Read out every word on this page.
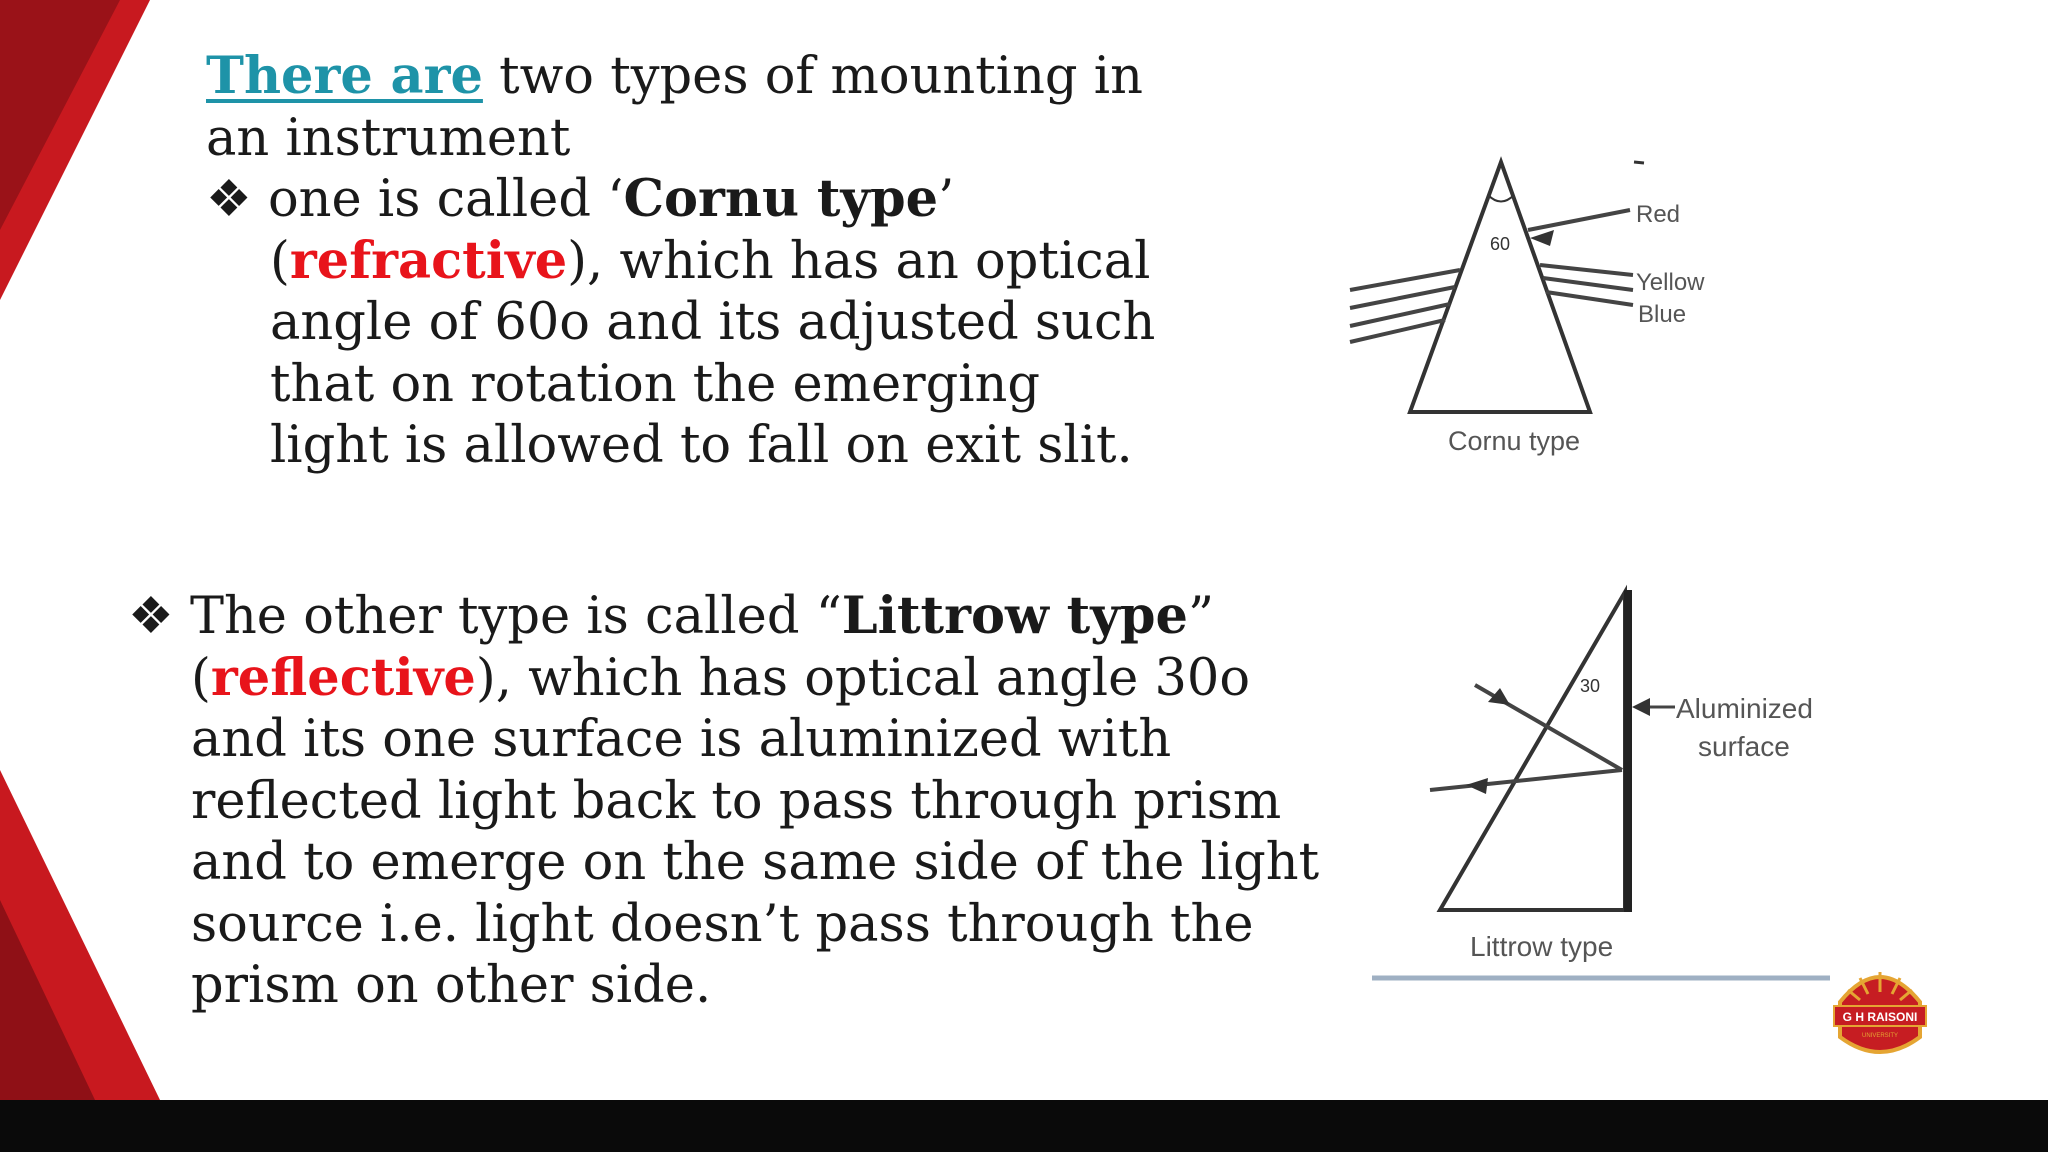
There are two types of mounting in
an instrument
❖ one is called ‘Cornu type’
(refractive), which has an optical
angle of 60o and its adjusted such
that on rotation the emerging
light is allowed to fall on exit slit.
❖ The other type is called “Littrow type”
(reflective), which has optical angle 30o
and its one surface is aluminized with
reflected light back to pass through prism
and to emerge on the same side of the light
source i.e. light doesn’t pass through the
prism on other side.
60
Red
Yellow
Blue
Cornu type
30
Aluminized
surface
Littrow type
G H RAISONI
UNIVERSITY
